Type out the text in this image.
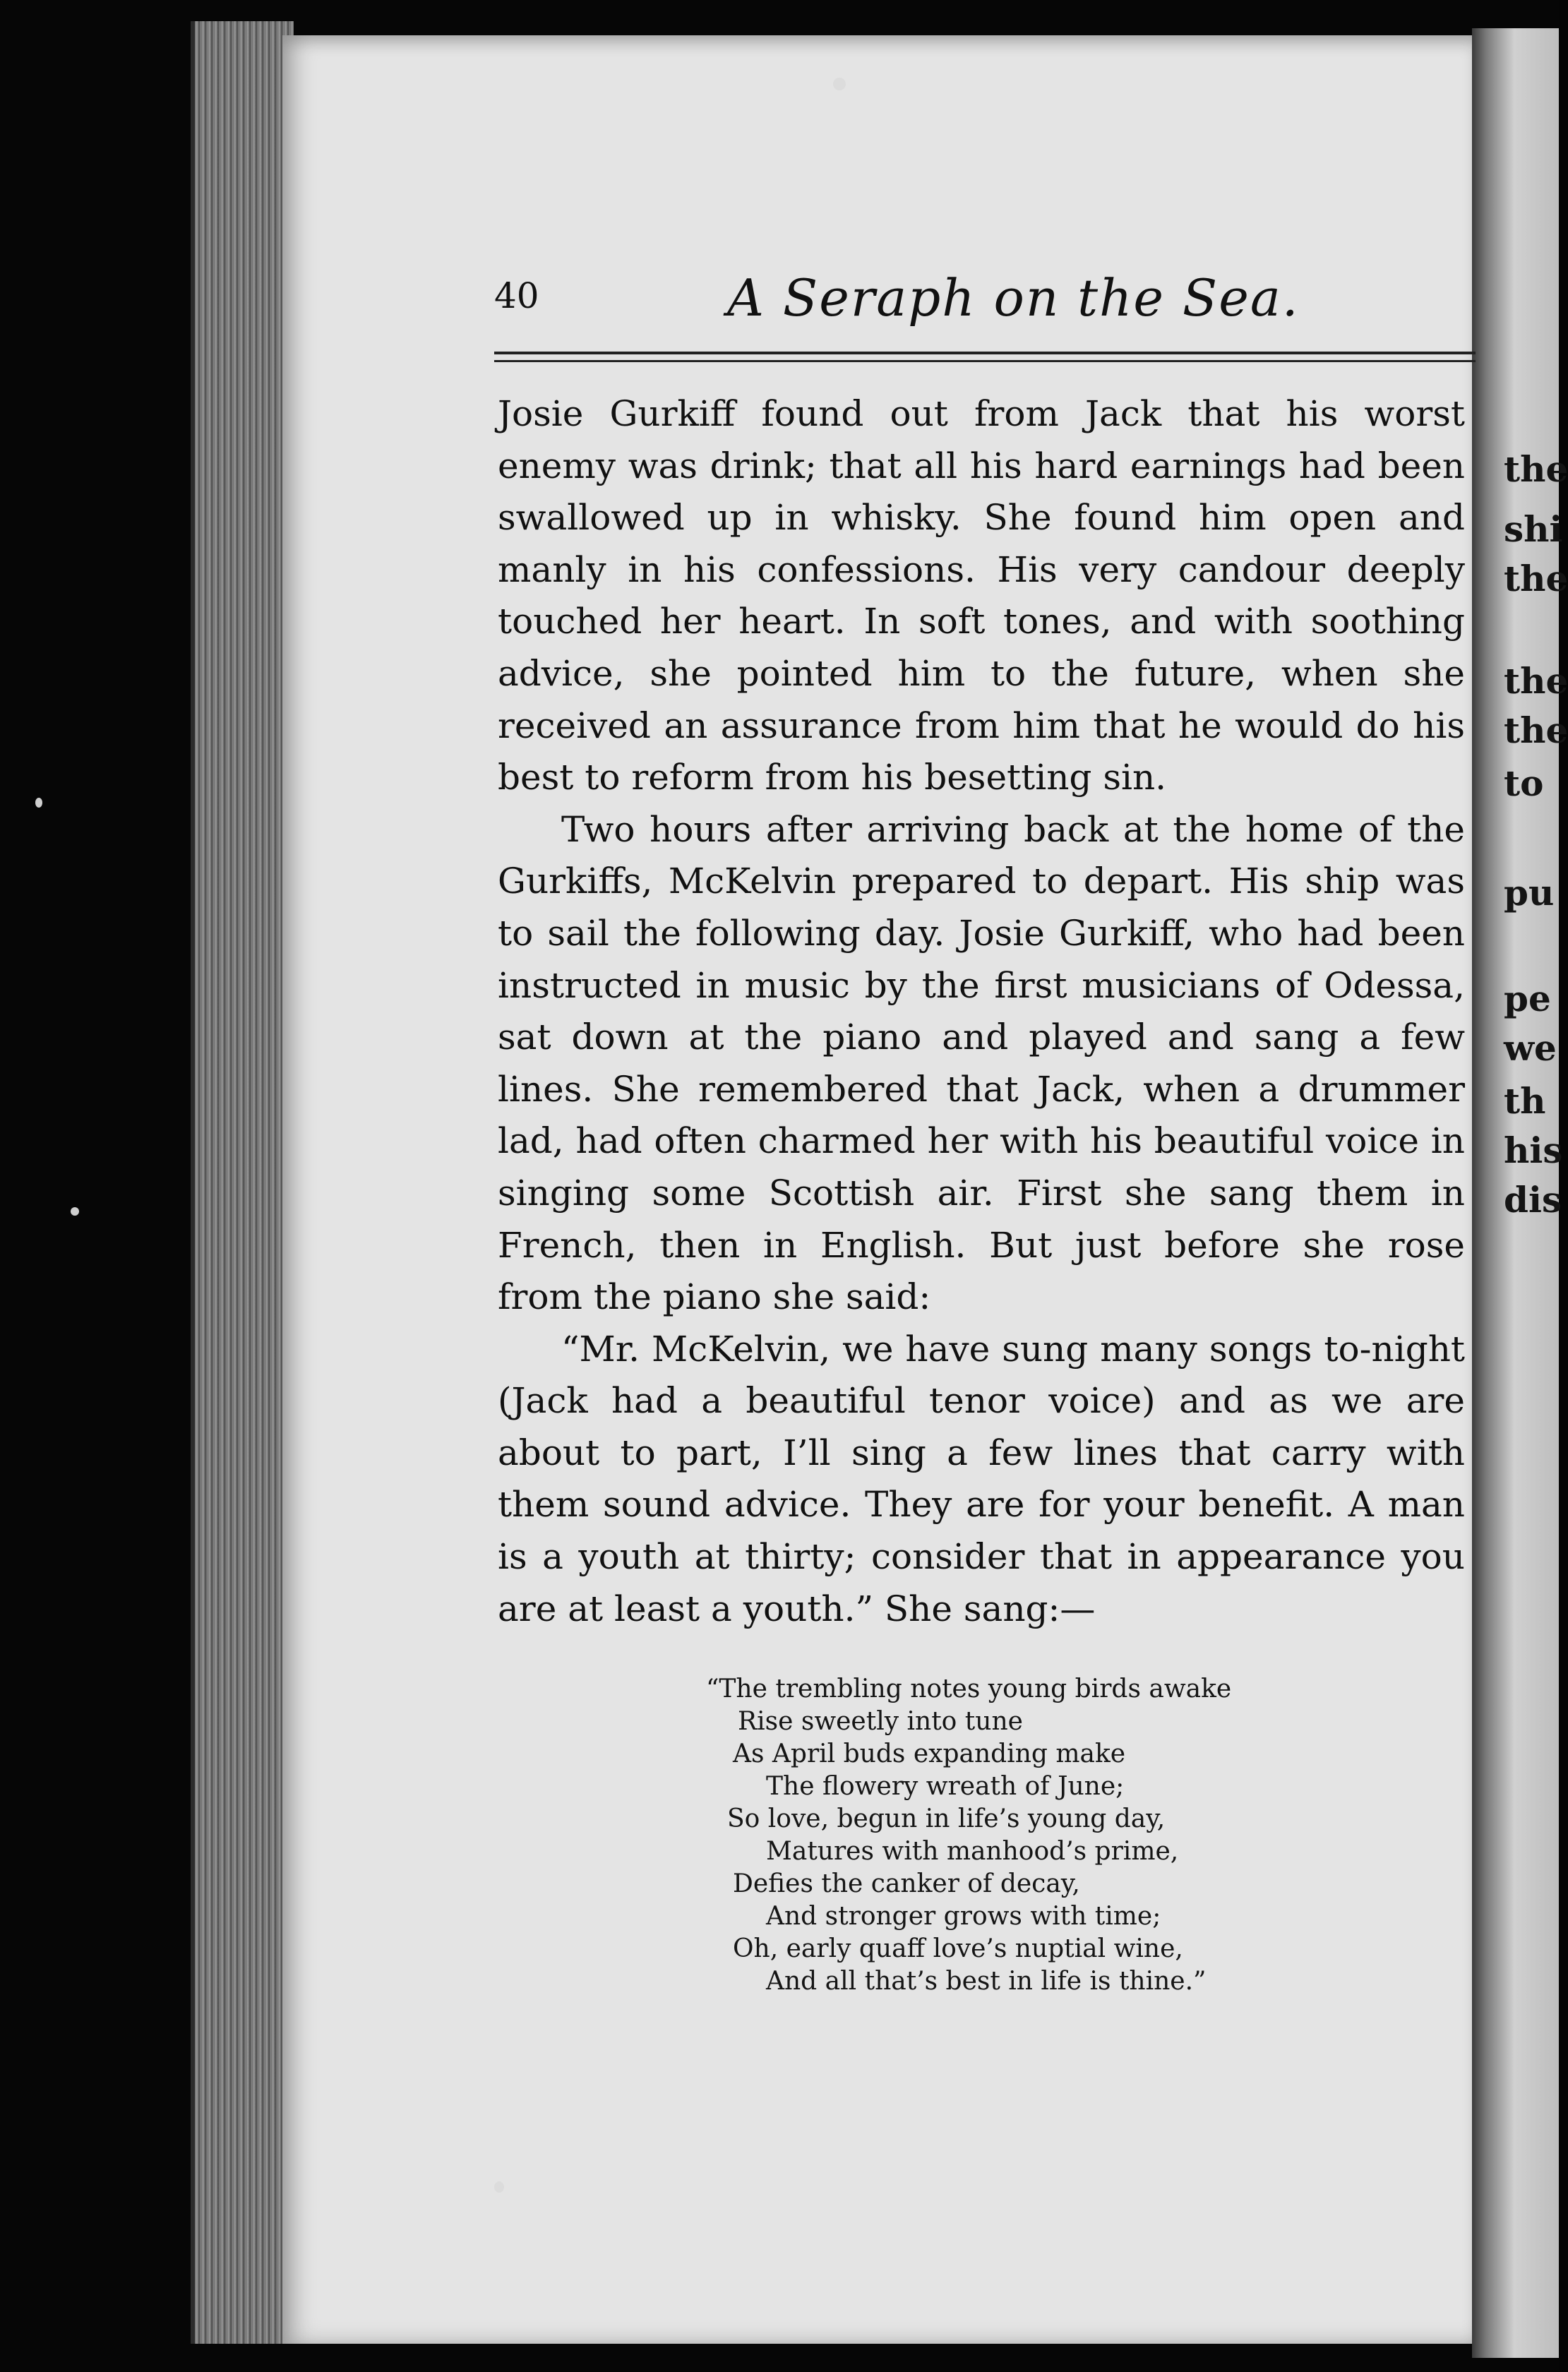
the
shi
the
the
the
to
pu
pe
we
th
his
dis
40	A Seraph on the Sea.

Josie Gurkiff found out from Jack that his worst enemy was drink; that all his hard earnings had been swallowed up in whisky. She found him open and manly in his confessions. His very candour deeply touched her heart. In soft tones, and with soothing advice, she pointed him to the future, when she received an assurance from him that he would do his best to reform from his besetting sin.

Two hours after arriving back at the home of the Gurkiffs, McKelvin prepared to depart. His ship was to sail the following day. Josie Gurkiff, who had been instructed in music by the first musicians of Odessa, sat down at the piano and played and sang a few lines. She remembered that Jack, when a drummer lad, had often charmed her with his beautiful voice in singing some Scottish air. First she sang them in French, then in English. But just before she rose from the piano she said:

“Mr. McKelvin, we have sung many songs to-night (Jack had a beautiful tenor voice) and as we are about to part, I’ll sing a few lines that carry with them sound advice. They are for your benefit. A man is a youth at thirty; consider that in appearance you are at least a youth.” She sang:—

“The trembling notes young birds awake
Rise sweetly into tune
As April buds expanding make
The flowery wreath of June;
So love, begun in life’s young day,
Matures with manhood’s prime,
Defies the canker of decay,
And stronger grows with time;
Oh, early quaff love’s nuptial wine,
And all that’s best in life is thine.”
